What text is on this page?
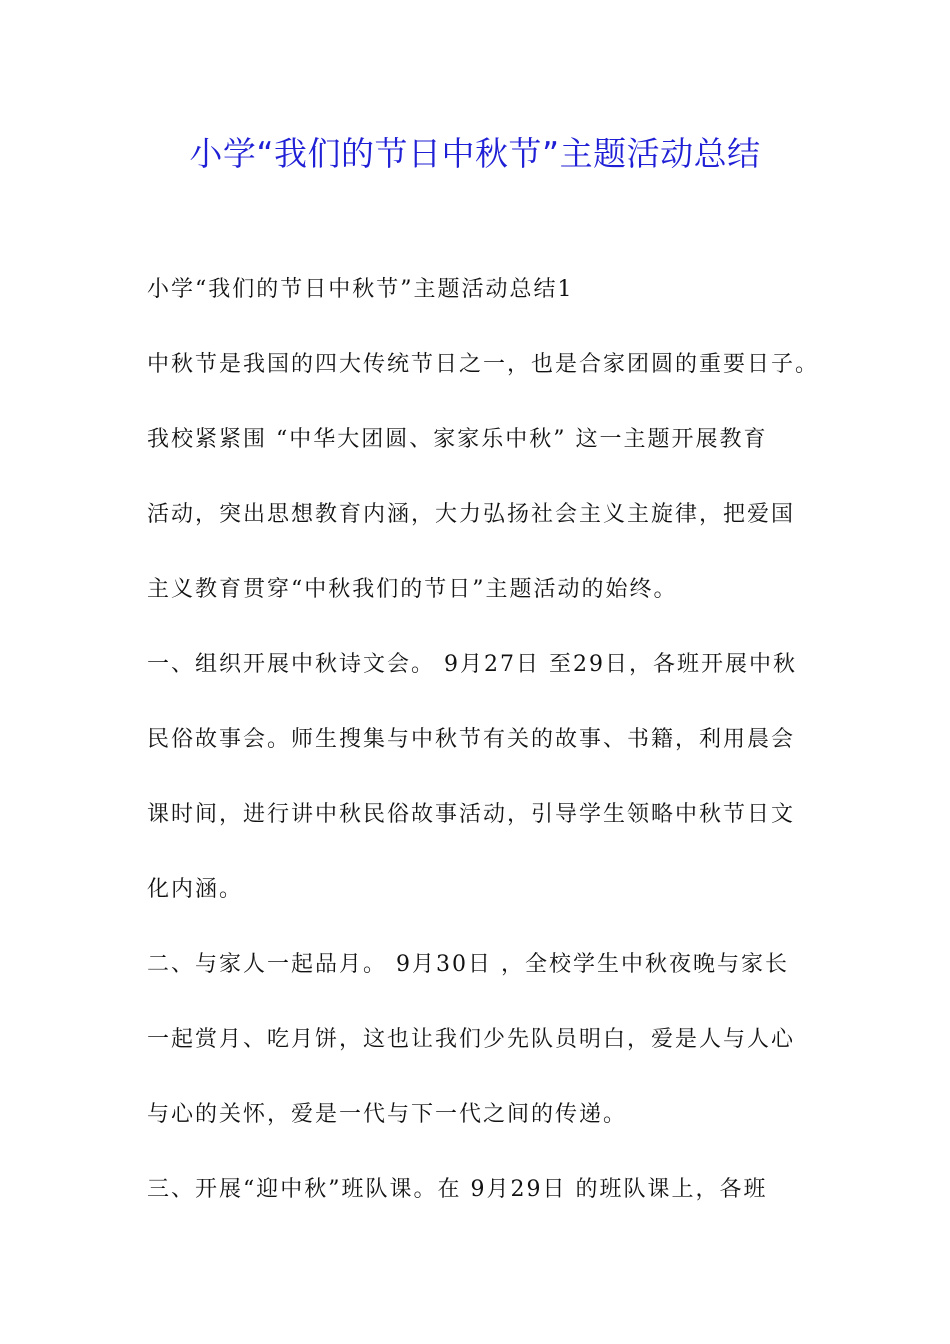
小学“我们的节日中秋节”主题活动总结
小学“我们的节日中秋节”主题活动总结1
中秋节是我国的四大传统节日之一，也是合家团圆的重要日子。
我校紧紧围 “中华大团圆、家家乐中秋” 这一主题开展教育
活动，突出思想教育内涵，大力弘扬社会主义主旋律，把爱国
主义教育贯穿“中秋我们的节日”主题活动的始终。
一、组织开展中秋诗文会。 9月27日 至29日，各班开展中秋
民俗故事会。师生搜集与中秋节有关的故事、书籍，利用晨会
课时间，进行讲中秋民俗故事活动，引导学生领略中秋节日文
化内涵。
二、与家人一起品月。 9月30日 ，全校学生中秋夜晚与家长
一起赏月、吃月饼，这也让我们少先队员明白，爱是人与人心
与心的关怀，爱是一代与下一代之间的传递。
三、开展“迎中秋”班队课。在 9月29日 的班队课上，各班
